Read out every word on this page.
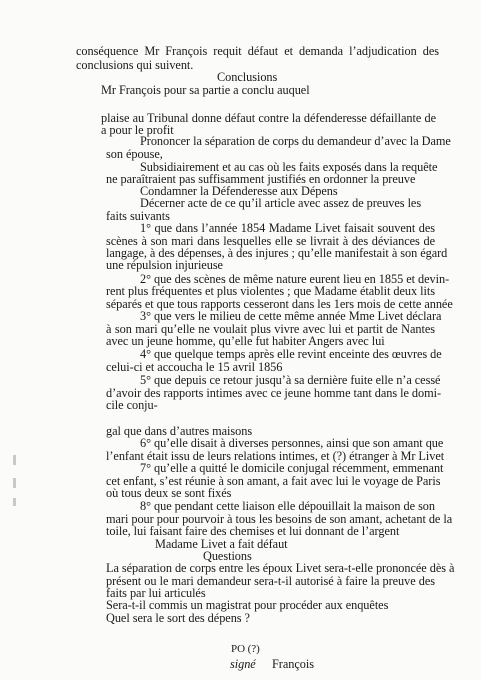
conséquence Mr François requit défaut et demanda l’adjudication des
conclusions qui suivent.
Conclusions
Mr François pour sa partie a conclu auquel
plaise au Tribunal donne défaut contre la défenderesse défaillante de
a pour le profit
Prononcer la séparation de corps du demandeur d’avec la Dame
son épouse,
Subsidiairement et au cas où les faits exposés dans la requête
ne paraîtraient pas suffisamment justifiés en ordonner la preuve
Condamner la Défenderesse aux Dépens
Décerner acte de ce qu’il article avec assez de preuves les
faits suivants
1° que dans l’année 1854 Madame Livet faisait souvent des
scènes à son mari dans lesquelles elle se livrait à des déviances de
langage, à des dépenses, à des injures ; qu’elle manifestait à son égard
une répulsion injurieuse
2° que des scènes de même nature eurent lieu en 1855 et devin-
rent plus fréquentes et plus violentes ; que Madame établit deux lits
séparés et que tous rapports cesseront dans les 1ers mois de cette année
3° que vers le milieu de cette même année Mme Livet déclara
à son mari qu’elle ne voulait plus vivre avec lui et partit de Nantes
avec un jeune homme, qu’elle fut habiter Angers avec lui
4° que quelque temps après elle revint enceinte des œuvres de
celui-ci et accoucha le 15 avril 1856
5° que depuis ce retour jusqu’à sa dernière fuite elle n’a cessé
d’avoir des rapports intimes avec ce jeune homme tant dans le domi-
cile conju-
gal que dans d’autres maisons
6° qu’elle disait à diverses personnes, ainsi que son amant que
l’enfant était issu de leurs relations intimes, et (?) étranger à Mr Livet
7° qu’elle a quitté le domicile conjugal récemment, emmenant
cet enfant, s’est réunie à son amant, a fait avec lui le voyage de Paris
où tous deux se sont fixés
8° que pendant cette liaison elle dépouillait la maison de son
mari pour pour pourvoir à tous les besoins de son amant, achetant de la
toile, lui faisant faire des chemises et lui donnant de l’argent
Madame Livet a fait défaut
Questions
La séparation de corps entre les époux Livet sera-t-elle prononcée dès à
présent ou le mari demandeur sera-t-il autorisé à faire la preuve des
faits par lui articulés
Sera-t-il commis un magistrat pour procéder aux enquêtes
Quel sera le sort des dépens ?
PO (?)
signé François
